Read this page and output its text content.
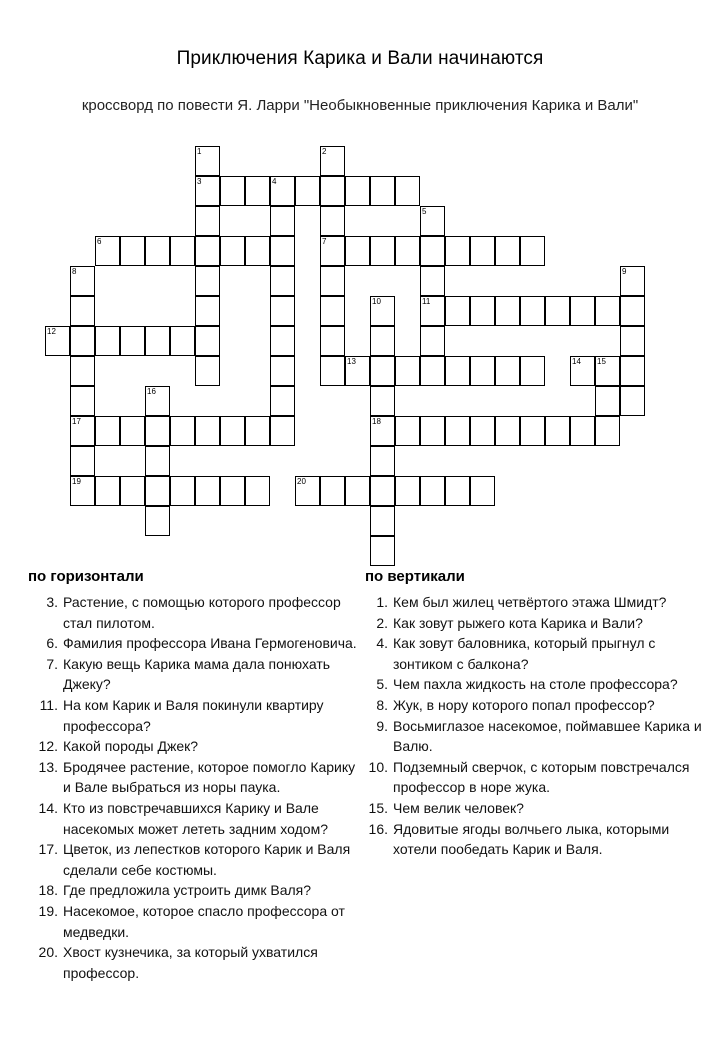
Приключения Карика и Вали начинаются
кроссворд по повести Я. Ларри "Необыкновенные приключения Карика и Вали"
1	2
3	4
5
6	7
8	9
10	11
12
13	14 15
16
17	18
19	20
по горизонтали	по вертикали
3. Растение, с помощью которого профессор стал пилотом.
6. Фамилия профессора Ивана Гермогеновича.
7. Какую вещь Карика мама дала понюхать Джеку?
11. На ком Карик и Валя покинули квартиру профессора?
12. Какой породы Джек?
13. Бродячее растение, которое помогло Карику и Вале выбраться из норы паука.
14. Кто из повстречавшихся Карику и Вале насекомых может лететь задним ходом?
17. Цветок, из лепестков которого Карик и Валя сделали себе костюмы.
18. Где предложила устроить димк Валя?
19. Насекомое, которое спасло профессора от медведки.
20. Хвост кузнечика, за который ухватился профессор.
1. Кем был жилец четвёртого этажа Шмидт?
2. Как зовут рыжего кота Карика и Вали?
4. Как зовут баловника, который прыгнул с зонтиком с балкона?
5. Чем пахла жидкость на столе профессора?
8. Жук, в нору которого попал профессор?
9. Восьмиглазое насекомое, поймавшее Карика и Валю.
10. Подземный сверчок, с которым повстречался профессор в норе жука.
15. Чем велик человек?
16. Ядовитые ягоды волчьего лыка, которыми хотели пообедать Карик и Валя.
